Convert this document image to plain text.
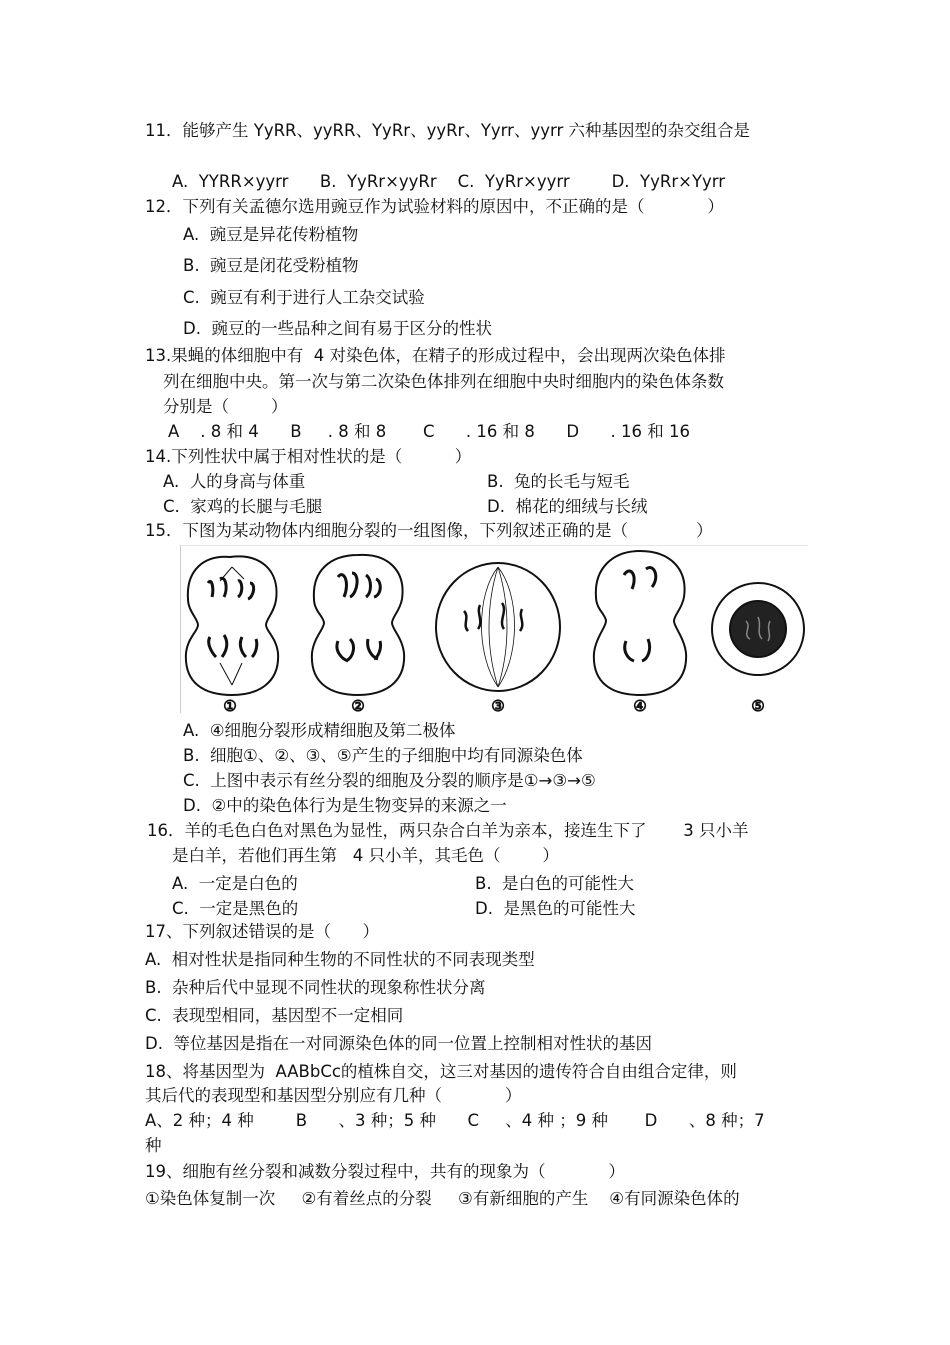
11．能够产生 YyRR、yyRR、YyRr、yyRr、Yyrr、yyrr 六种基因型的杂交组合是
A.  YYRR×yyrr      B.  YyRr×yyRr    C.  YyRr×yyrr        D.  YyRr×Yyrr
12．下列有关孟德尔选用豌豆作为试验材料的原因中，不正确的是（            ）
A.  豌豆是异花传粉植物
B.  豌豆是闭花受粉植物
C.  豌豆有利于进行人工杂交试验
D.  豌豆的一些品种之间有易于区分的性状
13.果蝇的体细胞中有  4 对染色体，在精子的形成过程中，会出现两次染色体排
列在细胞中央。第一次与第二次染色体排列在细胞中央时细胞内的染色体条数
分别是（        ）
A    . 8 和 4      B     . 8 和 8       C      . 16 和 8      D      . 16 和 16
14.下列性状中属于相对性状的是（          ）
A.  人的身高与体重	B.  兔的长毛与短毛
C.  家鸡的长腿与毛腿	D.  棉花的细绒与长绒
15．下图为某动物体内细胞分裂的一组图像，下列叙述正确的是（             ）
①	②	③	④	⑤
A.  ④细胞分裂形成精细胞及第二极体
B.  细胞①、②、③、⑤产生的子细胞中均有同源染色体
C.  上图中表示有丝分裂的细胞及分裂的顺序是①→③→⑤
D.  ②中的染色体行为是生物变异的来源之一
16．羊的毛色白色对黑色为显性，两只杂合白羊为亲本，接连生下了       3 只小羊
是白羊，若他们再生第   4 只小羊，其毛色（        ）
A.  一定是白色的	B.  是白色的可能性大
C.  一定是黑色的	D.  是黑色的可能性大
17、下列叙述错误的是（      ）
A.  相对性状是指同种生物的不同性状的不同表现类型
B.  杂种后代中显现不同性状的现象称性状分离
C.  表现型相同，基因型不一定相同
D.  等位基因是指在一对同源染色体的同一位置上控制相对性状的基因
18、将基因型为  AABbCc的植株自交，这三对基因的遗传符合自由组合定律，则
其后代的表现型和基因型分别应有几种（            ）
A、2 种；4 种        B      、3 种；5 种      C     、4 种 ；9 种       D      、8 种；7
种
19、细胞有丝分裂和减数分裂过程中，共有的现象为（            ）
①染色体复制一次     ②有着丝点的分裂     ③有新细胞的产生    ④有同源染色体的
